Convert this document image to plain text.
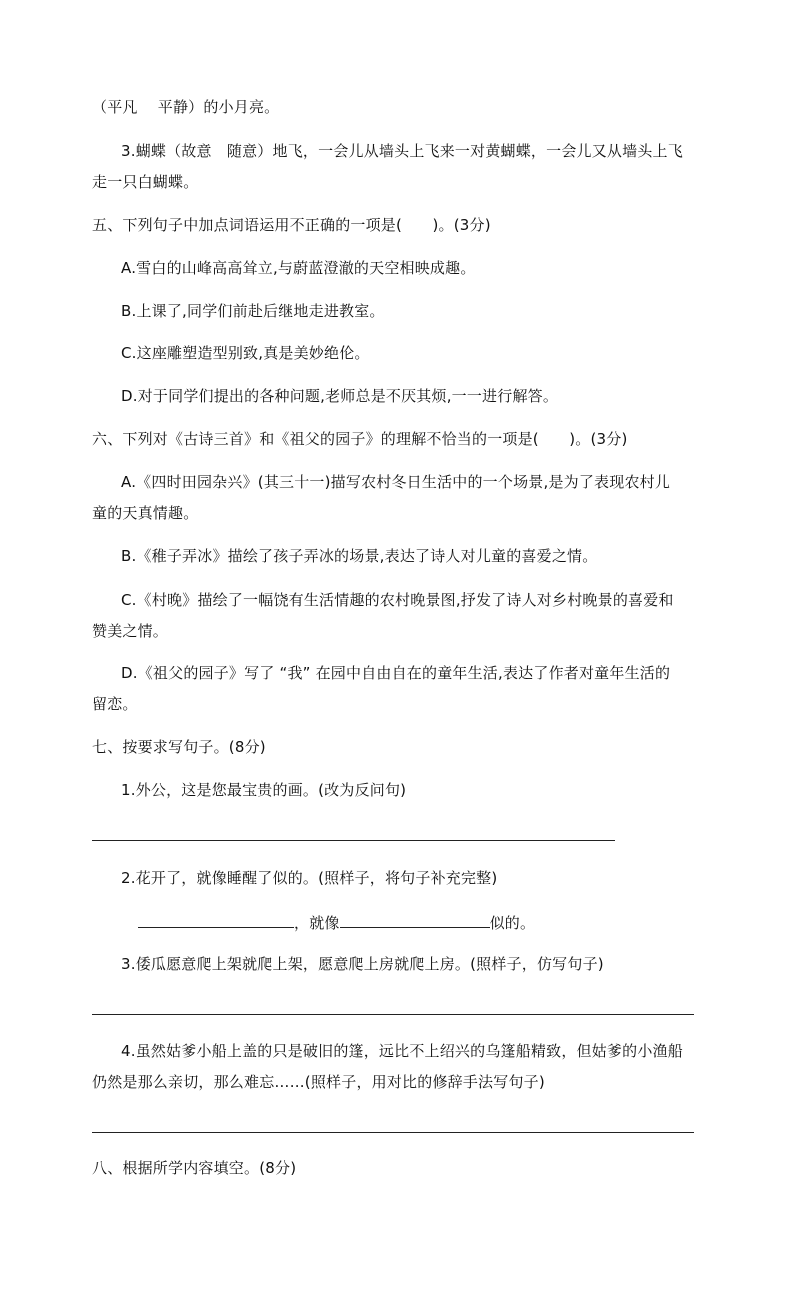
（平凡　 平静）的小月亮。
3.蝴蝶（故意　随意）地飞，一会儿从墙头上飞来一对黄蝴蝶，一会儿又从墙头上飞
走一只白蝴蝶。
五、下列句子中加点词语运用不正确的一项是(　　)。(3分)
A.雪白的山峰高高耸立,与蔚蓝澄澈的天空相映成趣。
B.上课了,同学们前赴后继地走进教室。
C.这座雕塑造型别致,真是美妙绝伦。
D.对于同学们提出的各种问题,老师总是不厌其烦,一一进行解答。
六、下列对《古诗三首》和《祖父的园子》的理解不恰当的一项是(　　)。(3分)
A.《四时田园杂兴》(其三十一)描写农村冬日生活中的一个场景,是为了表现农村儿
童的天真情趣。
B.《稚子弄冰》描绘了孩子弄冰的场景,表达了诗人对儿童的喜爱之情。
C.《村晚》描绘了一幅饶有生活情趣的农村晚景图,抒发了诗人对乡村晚景的喜爱和
赞美之情。
D.《祖父的园子》写了 “我” 在园中自由自在的童年生活,表达了作者对童年生活的
留恋。
七、按要求写句子。(8分)
1.外公，这是您最宝贵的画。(改为反问句)
2.花开了，就像睡醒了似的。(照样子，将句子补充完整)
，就像	似的。
3.倭瓜愿意爬上架就爬上架，愿意爬上房就爬上房。(照样子，仿写句子)
4.虽然姑爹小船上盖的只是破旧的篷，远比不上绍兴的乌篷船精致，但姑爹的小渔船
仍然是那么亲切，那么难忘……(照样子，用对比的修辞手法写句子)
八、根据所学内容填空。(8分)
